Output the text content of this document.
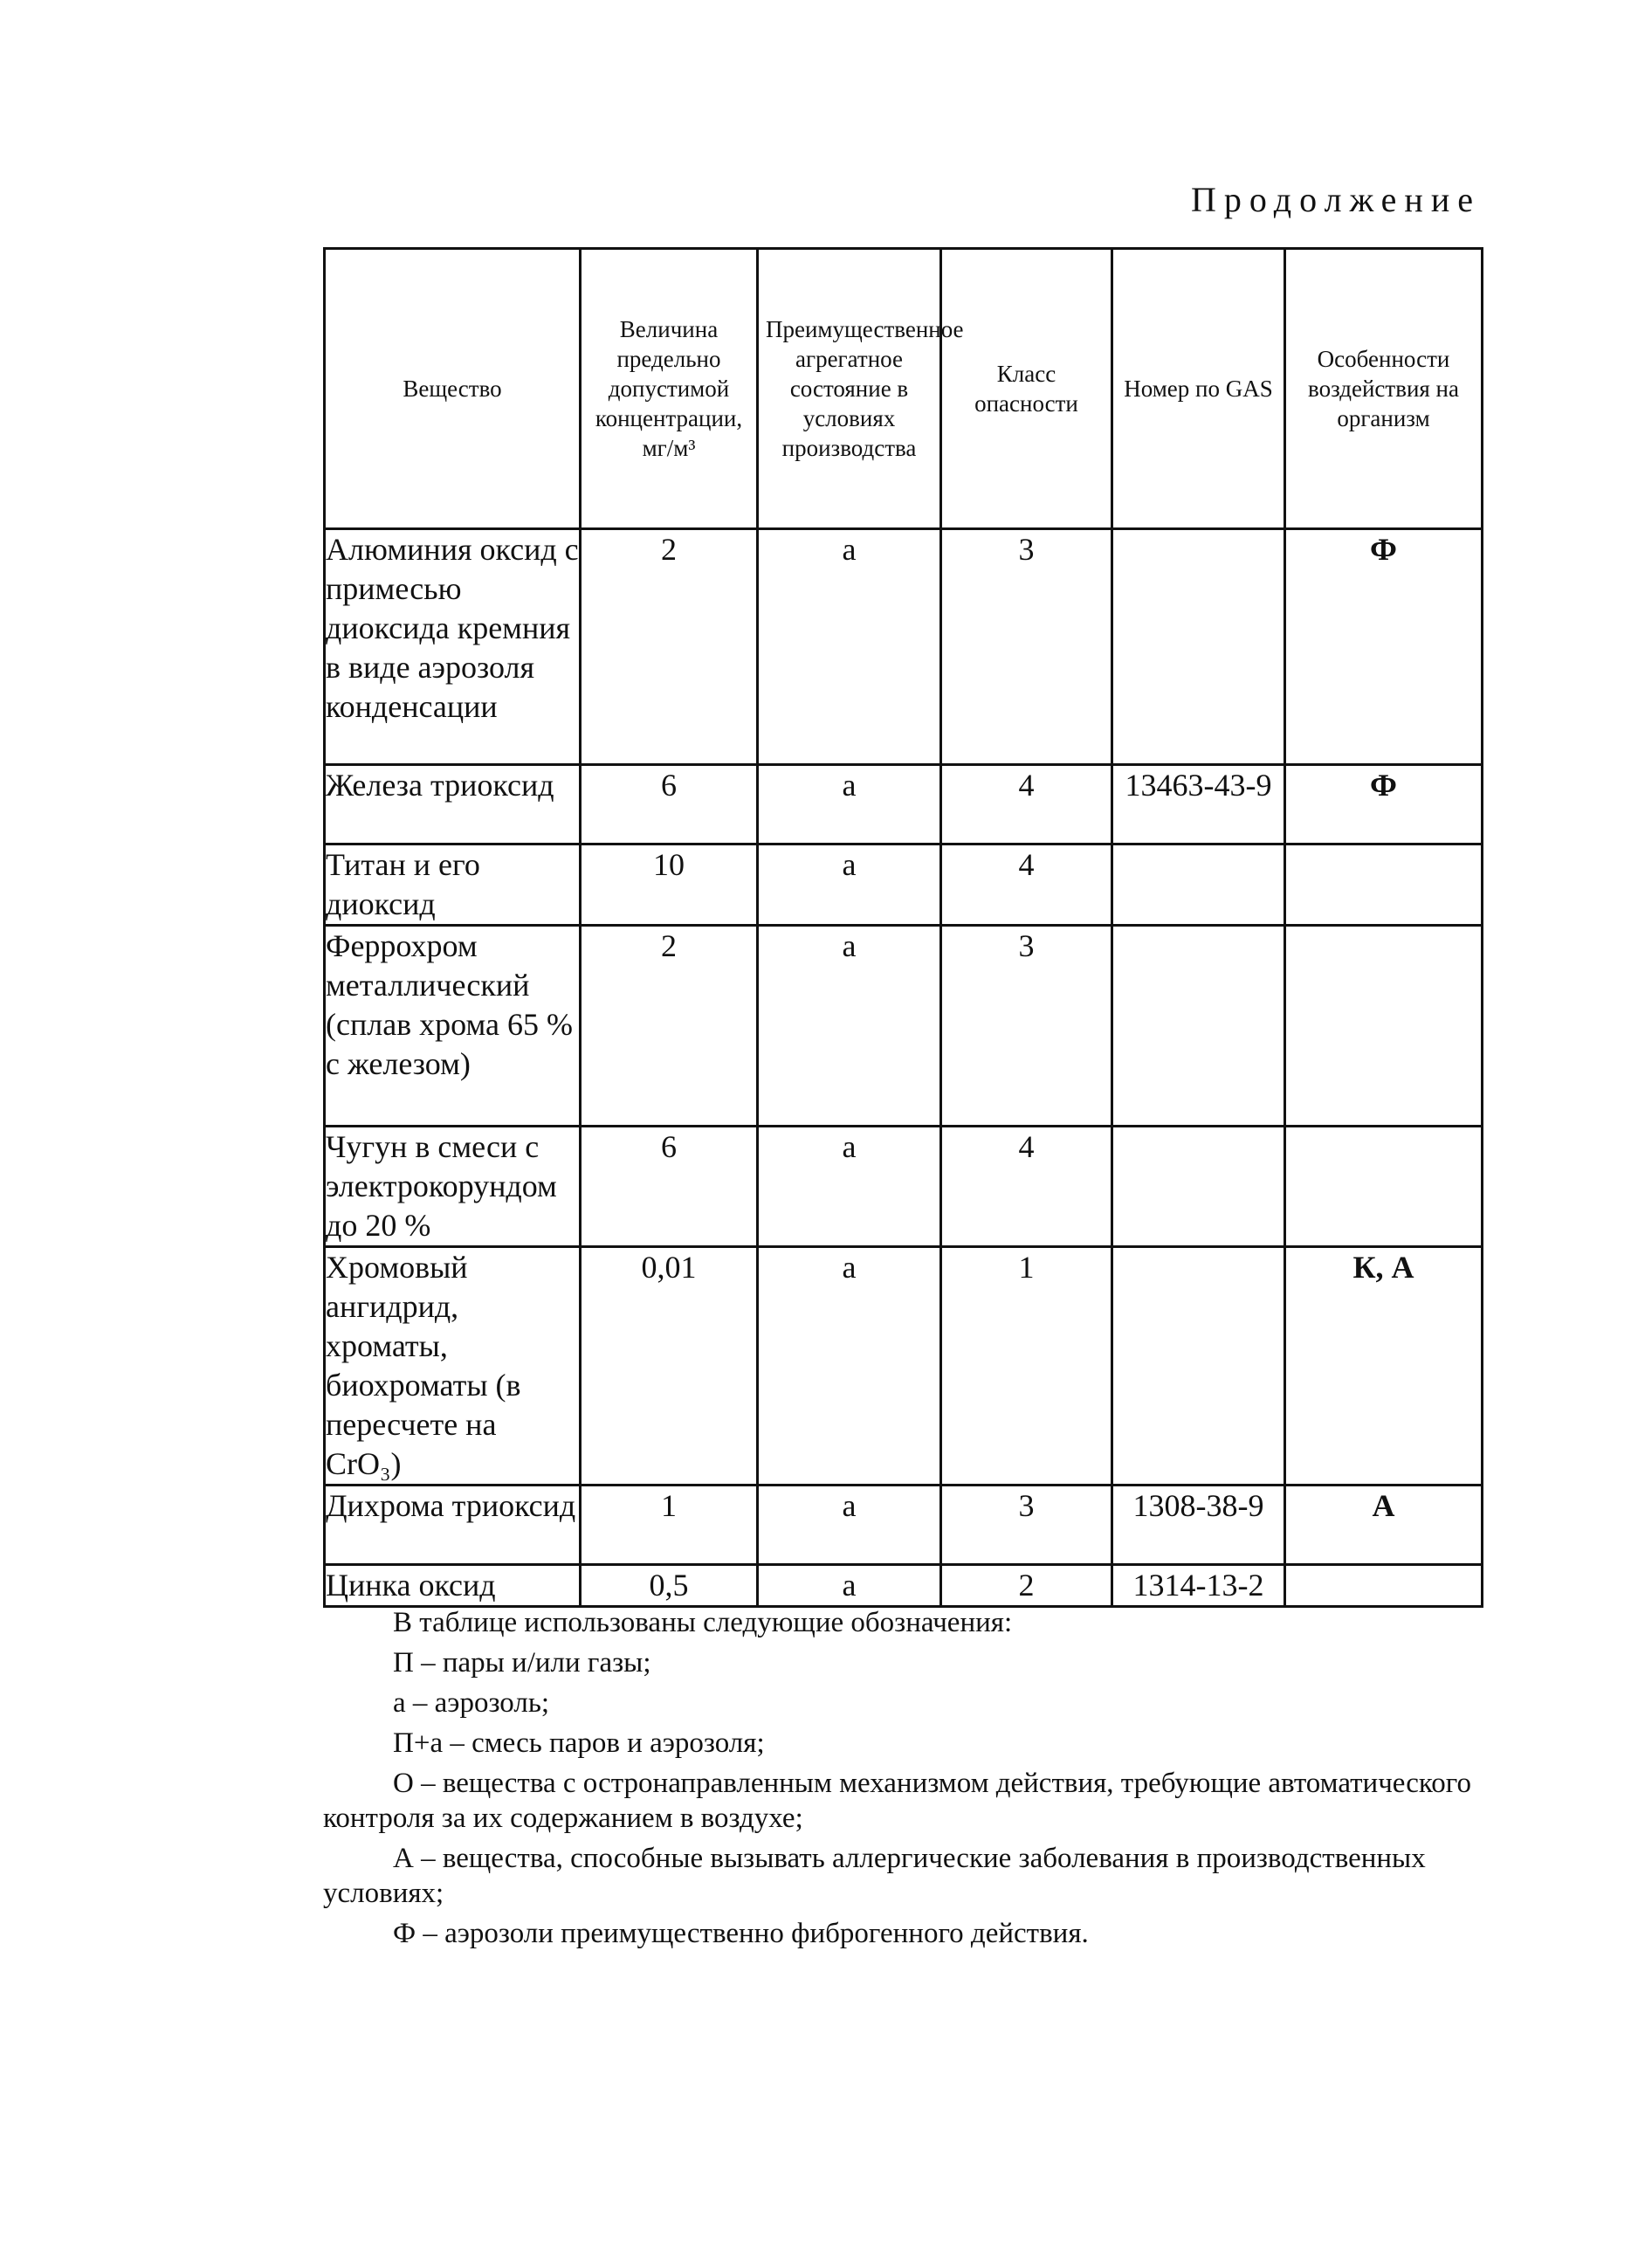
Продолжение
Вещество	Величина предельно допустимой концентрации, мг/м³	Преимущественное агрегатное состояние в условиях производства	Класс опасности	Номер по GAS	Особенности воздействия на организм

Алюминия оксид с примесью диоксида кремния в виде аэрозоля конденсации	2	а	3		Ф
Железа триоксид	6	а	4	13463-43-9	Ф
Титан и его диоксид	10	а	4		
Феррохром металлический (сплав хрома 65 % с железом)	2	а	3		
Чугун в смеси с электрокорундом до 20 %	6	а	4		
Хромовый ангидрид, хроматы, биохроматы (в пересчете на CrO₃)	0,01	а	1		К, А
Дихрома триоксид	1	а	3	1308-38-9	А
Цинка оксид	0,5	а	2	1314-13-2	

В таблице использованы следующие обозначения:

П – пары и/или газы;

а – аэрозоль;

П+а – смесь паров и аэрозоля;

О – вещества с остронаправленным механизмом действия, требующие автоматического контроля за их содержанием в воздухе;

А – вещества, способные вызывать аллергические заболевания в производственных условиях;

Ф – аэрозоли преимущественно фиброгенного действия.
